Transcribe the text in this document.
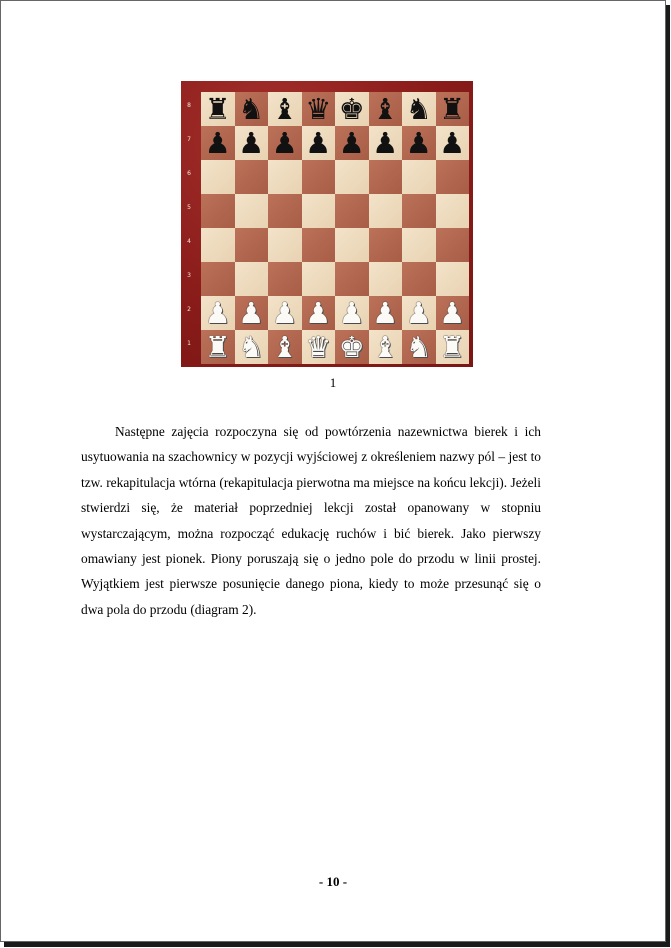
8
7
6
5
4
3
2
1
♜ ♞ ♝ ♛ ♚ ♝ ♞ ♜
♟ ♟ ♟ ♟ ♟ ♟ ♟ ♟
♟ ♟ ♟ ♟ ♟ ♟ ♟ ♟
♜ ♞ ♝ ♛ ♚ ♝ ♞ ♜
1

Następne zajęcia rozpoczyna się od powtórzenia nazewnictwa bierek i ich usytuowania na szachownicy w pozycji wyjściowej z określeniem nazwy pól – jest to tzw. rekapitulacja wtórna (rekapitulacja pierwotna ma miejsce na końcu lekcji). Jeżeli stwierdzi się, że materiał poprzedniej lekcji został opanowany w stopniu wystarczającym, można rozpocząć edukację ruchów i bić bierek. Jako pierwszy omawiany jest pionek. Piony poruszają się o jedno pole do przodu w linii prostej. Wyjątkiem jest pierwsze posunięcie danego piona, kiedy to może przesunąć się o dwa pola do przodu (diagram 2).

- 10 -
